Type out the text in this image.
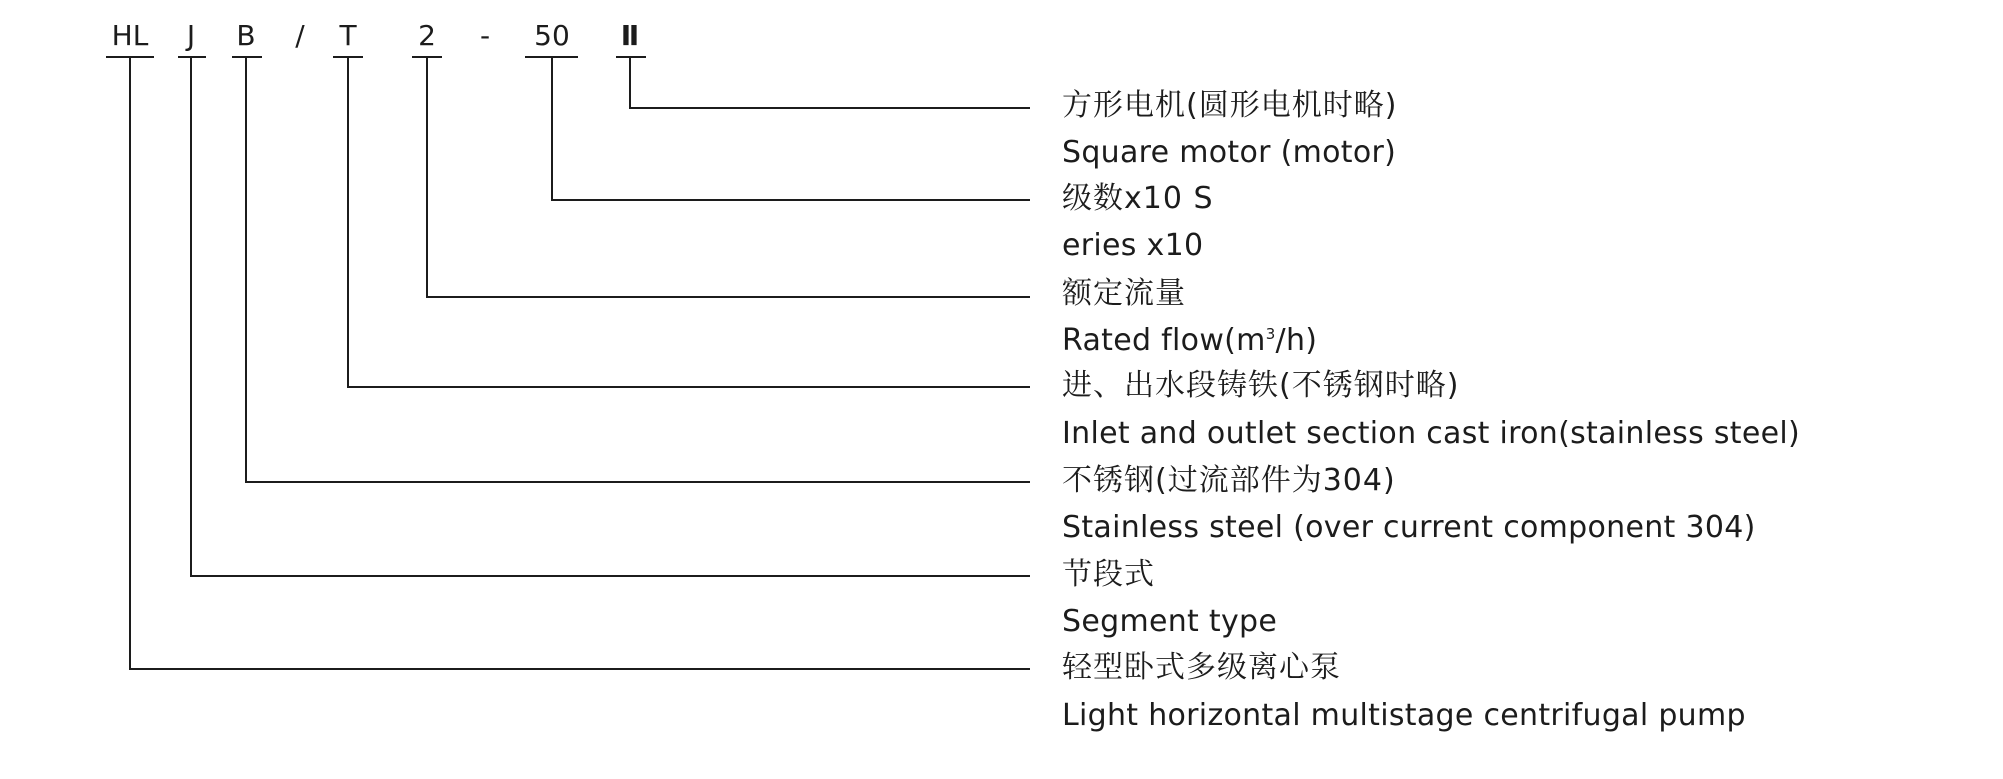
HL J B / T 2 - 50 Ⅱ
方形电机(圆形电机时略)
Square motor (motor)
级数x10 S
eries x10
额定流量
Rated $flow(m^3/h)$
进、出水段铸铁(不锈钢时略)
Inlet and outlet section cast iron(stainless steel)
不锈钢(过流部件为304)
Stainless steel (over current component 304)
节段式
Segment type
轻型卧式多级离心泵
Light horizontal multistage centrifugal pump
